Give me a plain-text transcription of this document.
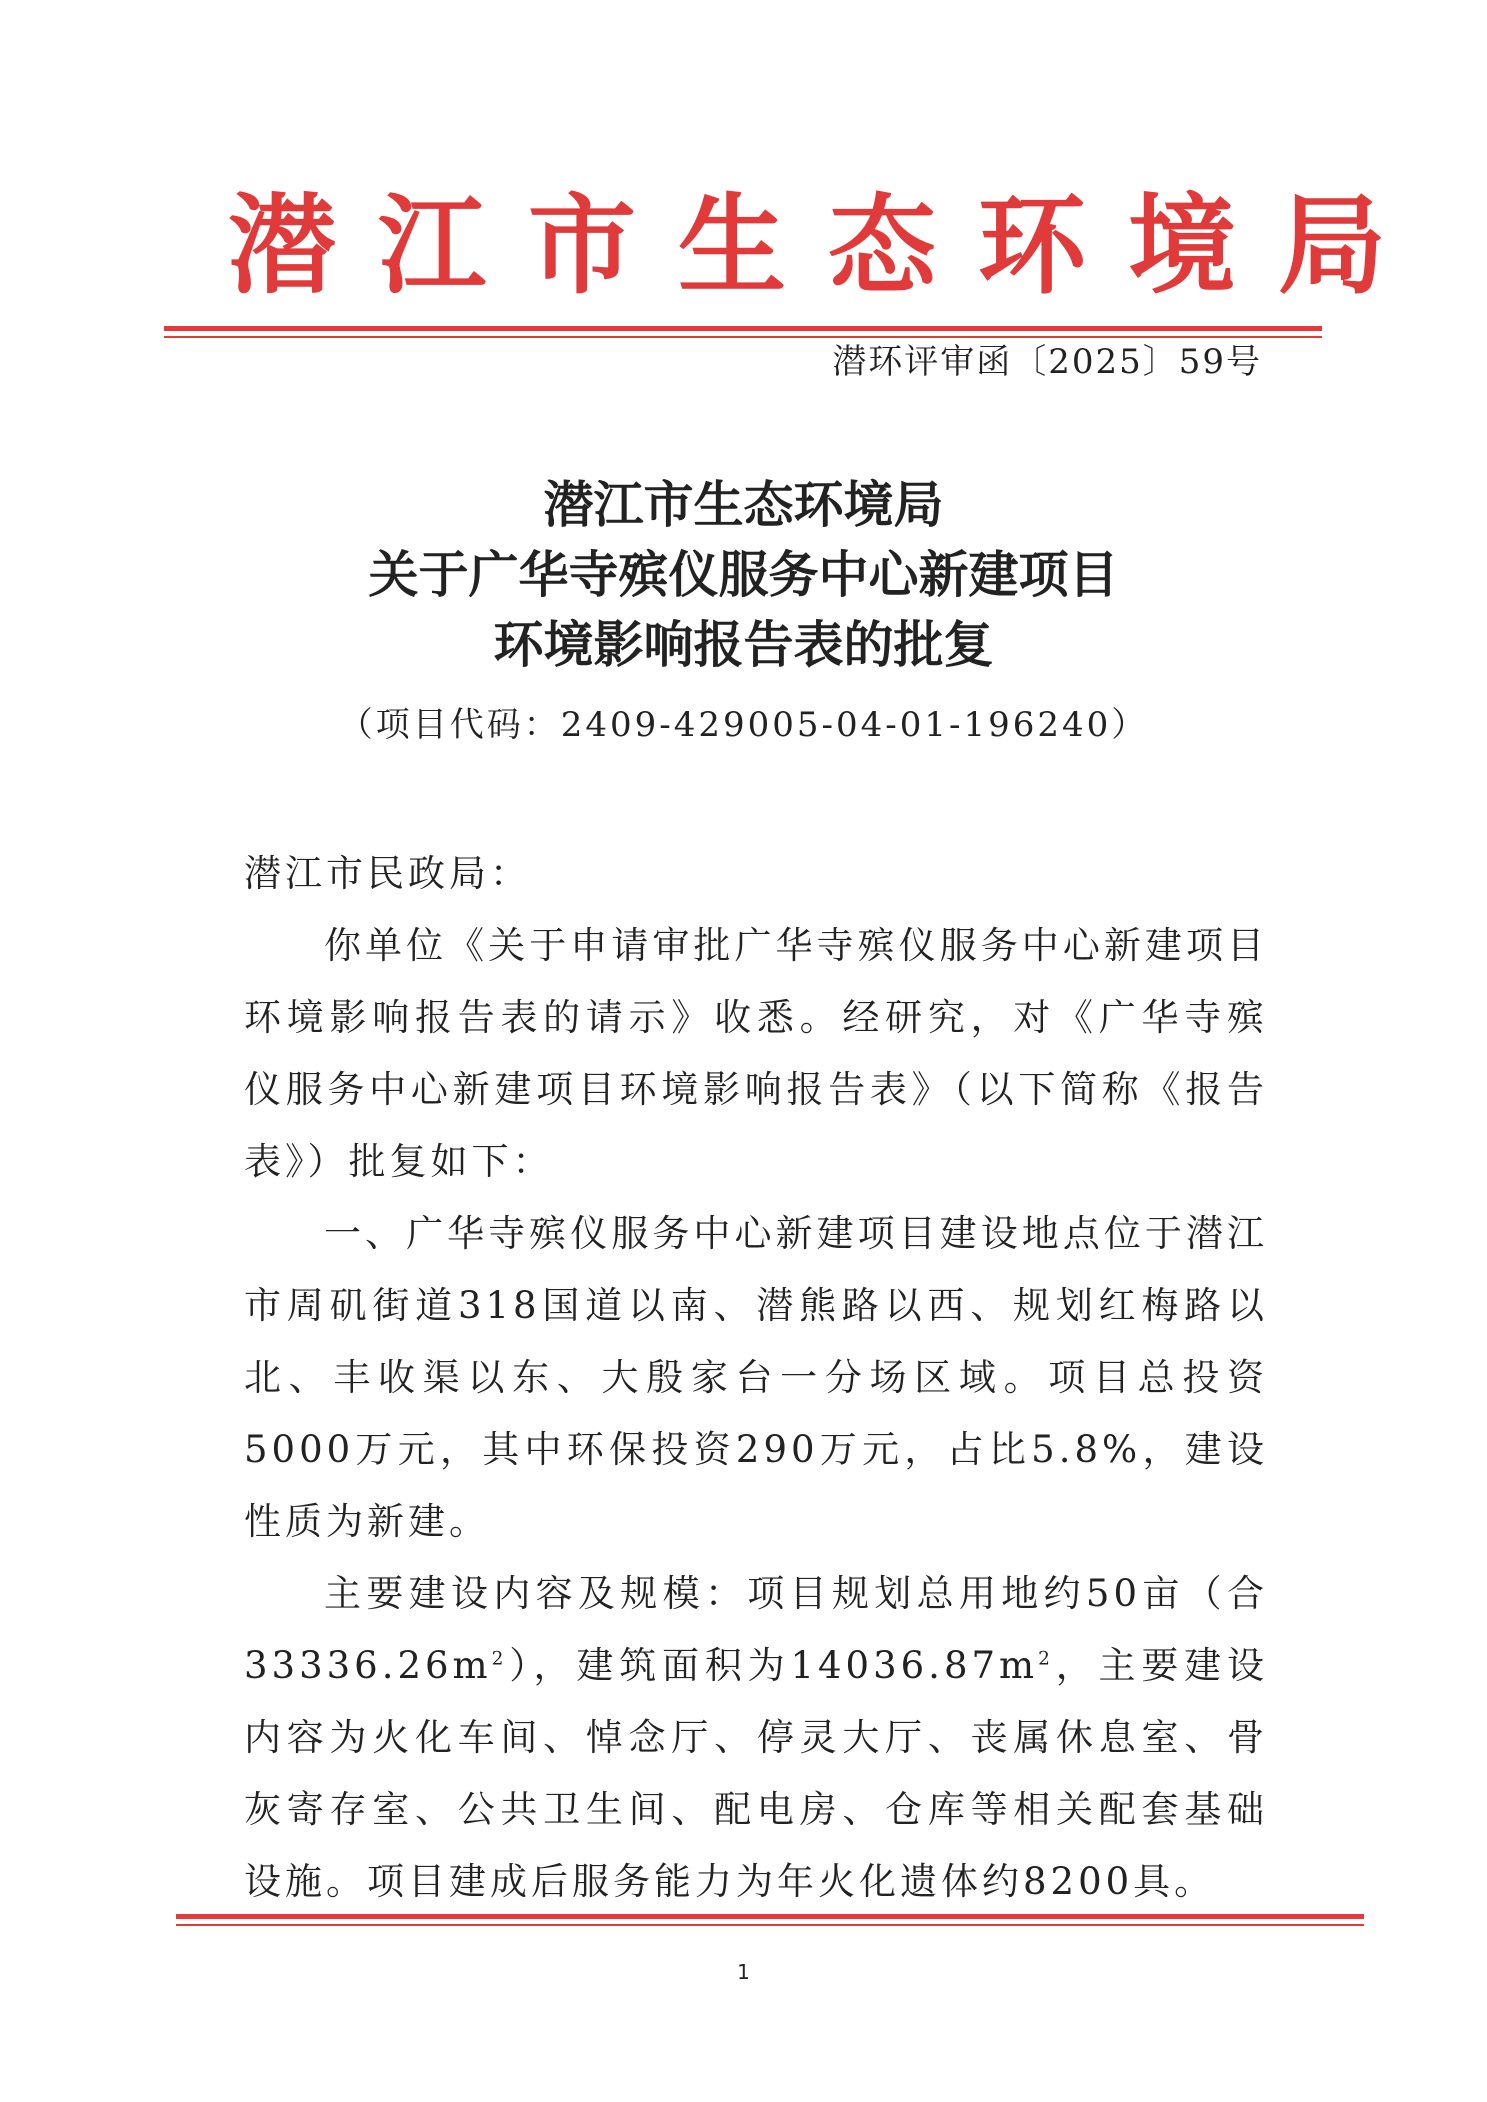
潜江市生态环境局
潜环评审函〔2025〕59号
潜江市生态环境局
关于广华寺殡仪服务中心新建项目
环境影响报告表的批复
（项目代码：2409-429005-04-01-196240）

潜江市民政局：

你单位《关于申请审批广华寺殡仪服务中心新建项目环境影响报告表的请示》收悉。经研究，对《广华寺殡仪服务中心新建项目环境影响报告表》（以下简称《报告表》）批复如下：

一、广华寺殡仪服务中心新建项目建设地点位于潜江市周矶街道318国道以南、潜熊路以西、规划红梅路以北、丰收渠以东、大殷家台一分场区域。项目总投资5000万元，其中环保投资290万元，占比5.8%，建设性质为新建。

主要建设内容及规模：项目规划总用地约50亩（合$33336.26m^2$），建筑面积为$14036.87m^2$，主要建设内容为火化车间、悼念厅、停灵大厅、丧属休息室、骨灰寄存室、公共卫生间、配电房、仓库等相关配套基础设施。项目建成后服务能力为年火化遗体约8200具。

1
